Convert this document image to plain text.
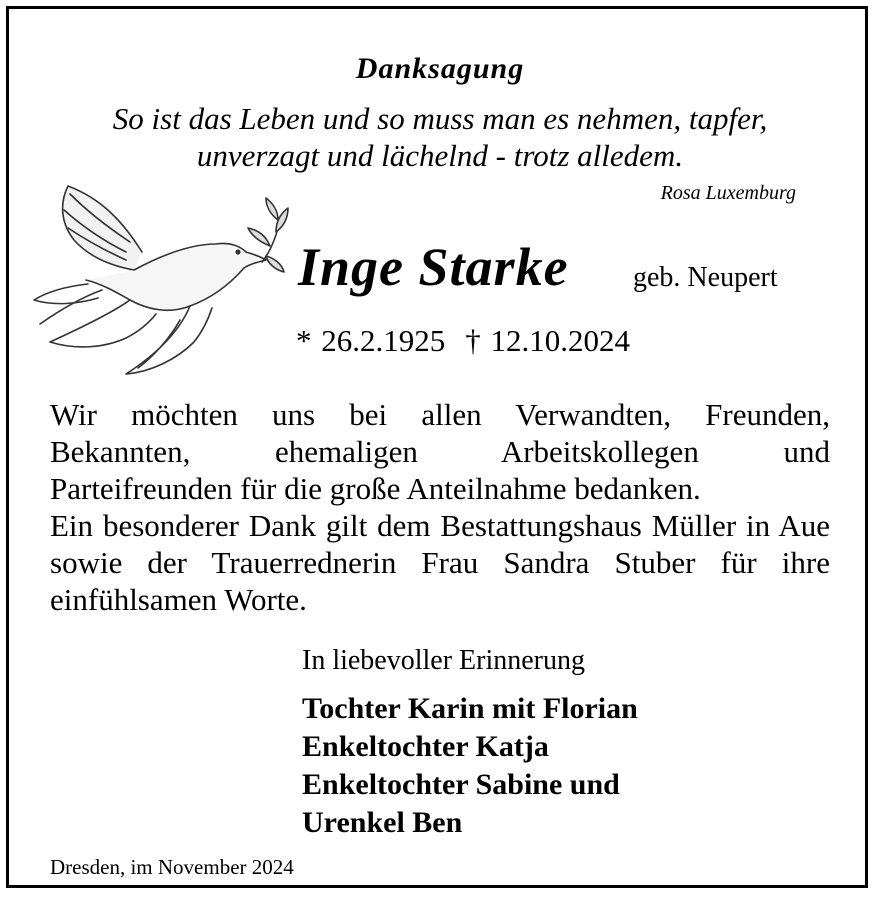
Danksagung
So ist das Leben und so muss man es nehmen, tapfer,
unverzagt und lächelnd - trotz alledem.
Rosa Luxemburg
Inge Starke geb. Neupert
* 26.2.1925 † 12.10.2024

Wir möchten uns bei allen Verwandten, Freunden,

Bekannten, ehemaligen Arbeitskollegen und

Parteifreunden für die große Anteilnahme bedanken.

Ein besonderer Dank gilt dem Bestattungshaus Müller in Aue sowie der Trauerrednerin Frau Sandra Stuber für ihre einfühlsamen Worte.

In liebevoller Erinnerung
Tochter Karin mit Florian
Enkeltochter Katja
Enkeltochter Sabine und
Urenkel Ben
Dresden, im November 2024
